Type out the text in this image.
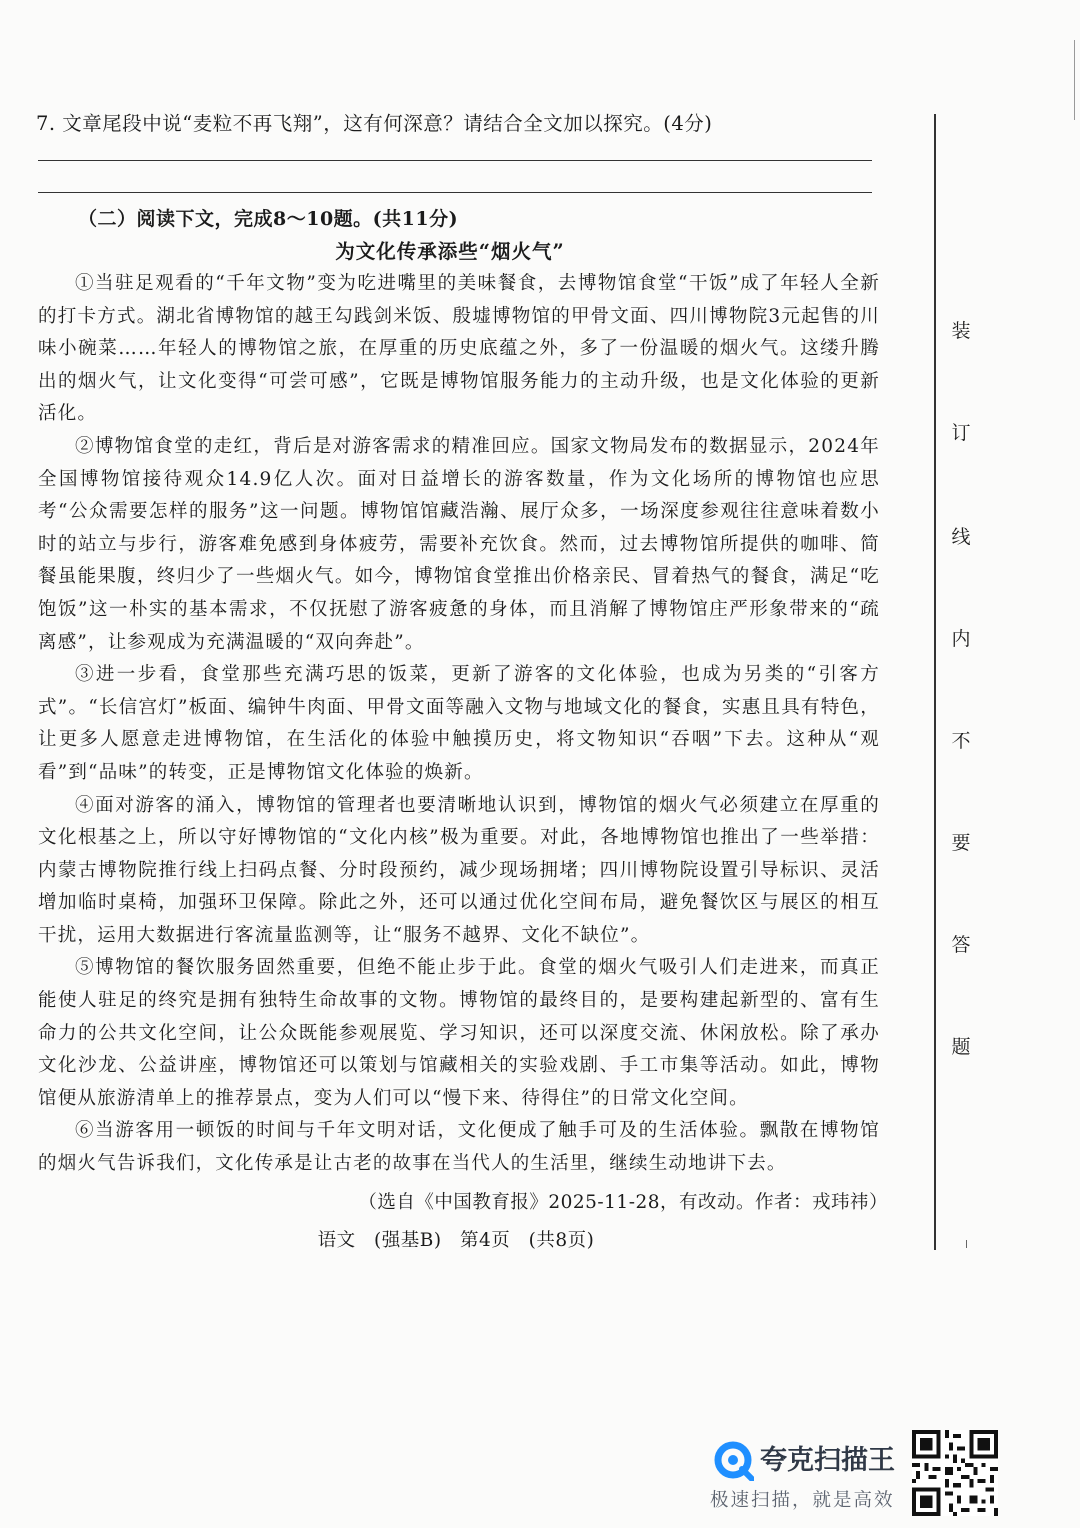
7. 文章尾段中说“麦粒不再飞翔”，这有何深意？请结合全文加以探究。(4分)
（二）阅读下文，完成8～10题。(共11分)
为文化传承添些“烟火气”

①当驻足观看的“千年文物”变为吃进嘴里的美味餐食，去博物馆食堂“干饭”成了年轻人全新的打卡方式。湖北省博物馆的越王勾践剑米饭、殷墟博物馆的甲骨文面、四川博物院3元起售的川味小碗菜……年轻人的博物馆之旅，在厚重的历史底蕴之外，多了一份温暖的烟火气。这缕升腾出的烟火气，让文化变得“可尝可感”，它既是博物馆服务能力的主动升级，也是文化体验的更新活化。

②博物馆食堂的走红，背后是对游客需求的精准回应。国家文物局发布的数据显示，2024年全国博物馆接待观众14.9亿人次。面对日益增长的游客数量，作为文化场所的博物馆也应思考“公众需要怎样的服务”这一问题。博物馆馆藏浩瀚、展厅众多，一场深度参观往往意味着数小时的站立与步行，游客难免感到身体疲劳，需要补充饮食。然而，过去博物馆所提供的咖啡、简餐虽能果腹，终归少了一些烟火气。如今，博物馆食堂推出价格亲民、冒着热气的餐食，满足“吃饱饭”这一朴实的基本需求，不仅抚慰了游客疲惫的身体，而且消解了博物馆庄严形象带来的“疏离感”，让参观成为充满温暖的“双向奔赴”。

③进一步看，食堂那些充满巧思的饭菜，更新了游客的文化体验，也成为另类的“引客方式”。“长信宫灯”板面、编钟牛肉面、甲骨文面等融入文物与地域文化的餐食，实惠且具有特色，让更多人愿意走进博物馆，在生活化的体验中触摸历史，将文物知识“吞咽”下去。这种从“观看”到“品味”的转变，正是博物馆文化体验的焕新。

④面对游客的涌入，博物馆的管理者也要清晰地认识到，博物馆的烟火气必须建立在厚重的文化根基之上，所以守好博物馆的“文化内核”极为重要。对此，各地博物馆也推出了一些举措：内蒙古博物院推行线上扫码点餐、分时段预约，减少现场拥堵；四川博物院设置引导标识、灵活增加临时桌椅，加强环卫保障。除此之外，还可以通过优化空间布局，避免餐饮区与展区的相互干扰，运用大数据进行客流量监测等，让“服务不越界、文化不缺位”。

⑤博物馆的餐饮服务固然重要，但绝不能止步于此。食堂的烟火气吸引人们走进来，而真正能使人驻足的终究是拥有独特生命故事的文物。博物馆的最终目的，是要构建起新型的、富有生命力的公共文化空间，让公众既能参观展览、学习知识，还可以深度交流、休闲放松。除了承办文化沙龙、公益讲座，博物馆还可以策划与馆藏相关的实验戏剧、手工市集等活动。如此，博物馆便从旅游清单上的推荐景点，变为人们可以“慢下来、待得住”的日常文化空间。

⑥当游客用一顿饭的时间与千年文明对话，文化便成了触手可及的生活体验。飘散在博物馆的烟火气告诉我们，文化传承是让古老的故事在当代人的生活里，继续生动地讲下去。

（选自《中国教育报》2025-11-28，有改动。作者：戎玮祎）
语文 (强基B) 第4页 (共8页)
装
订
线
内
不
要
答
题
夸克扫描王
极速扫描，就是高效
